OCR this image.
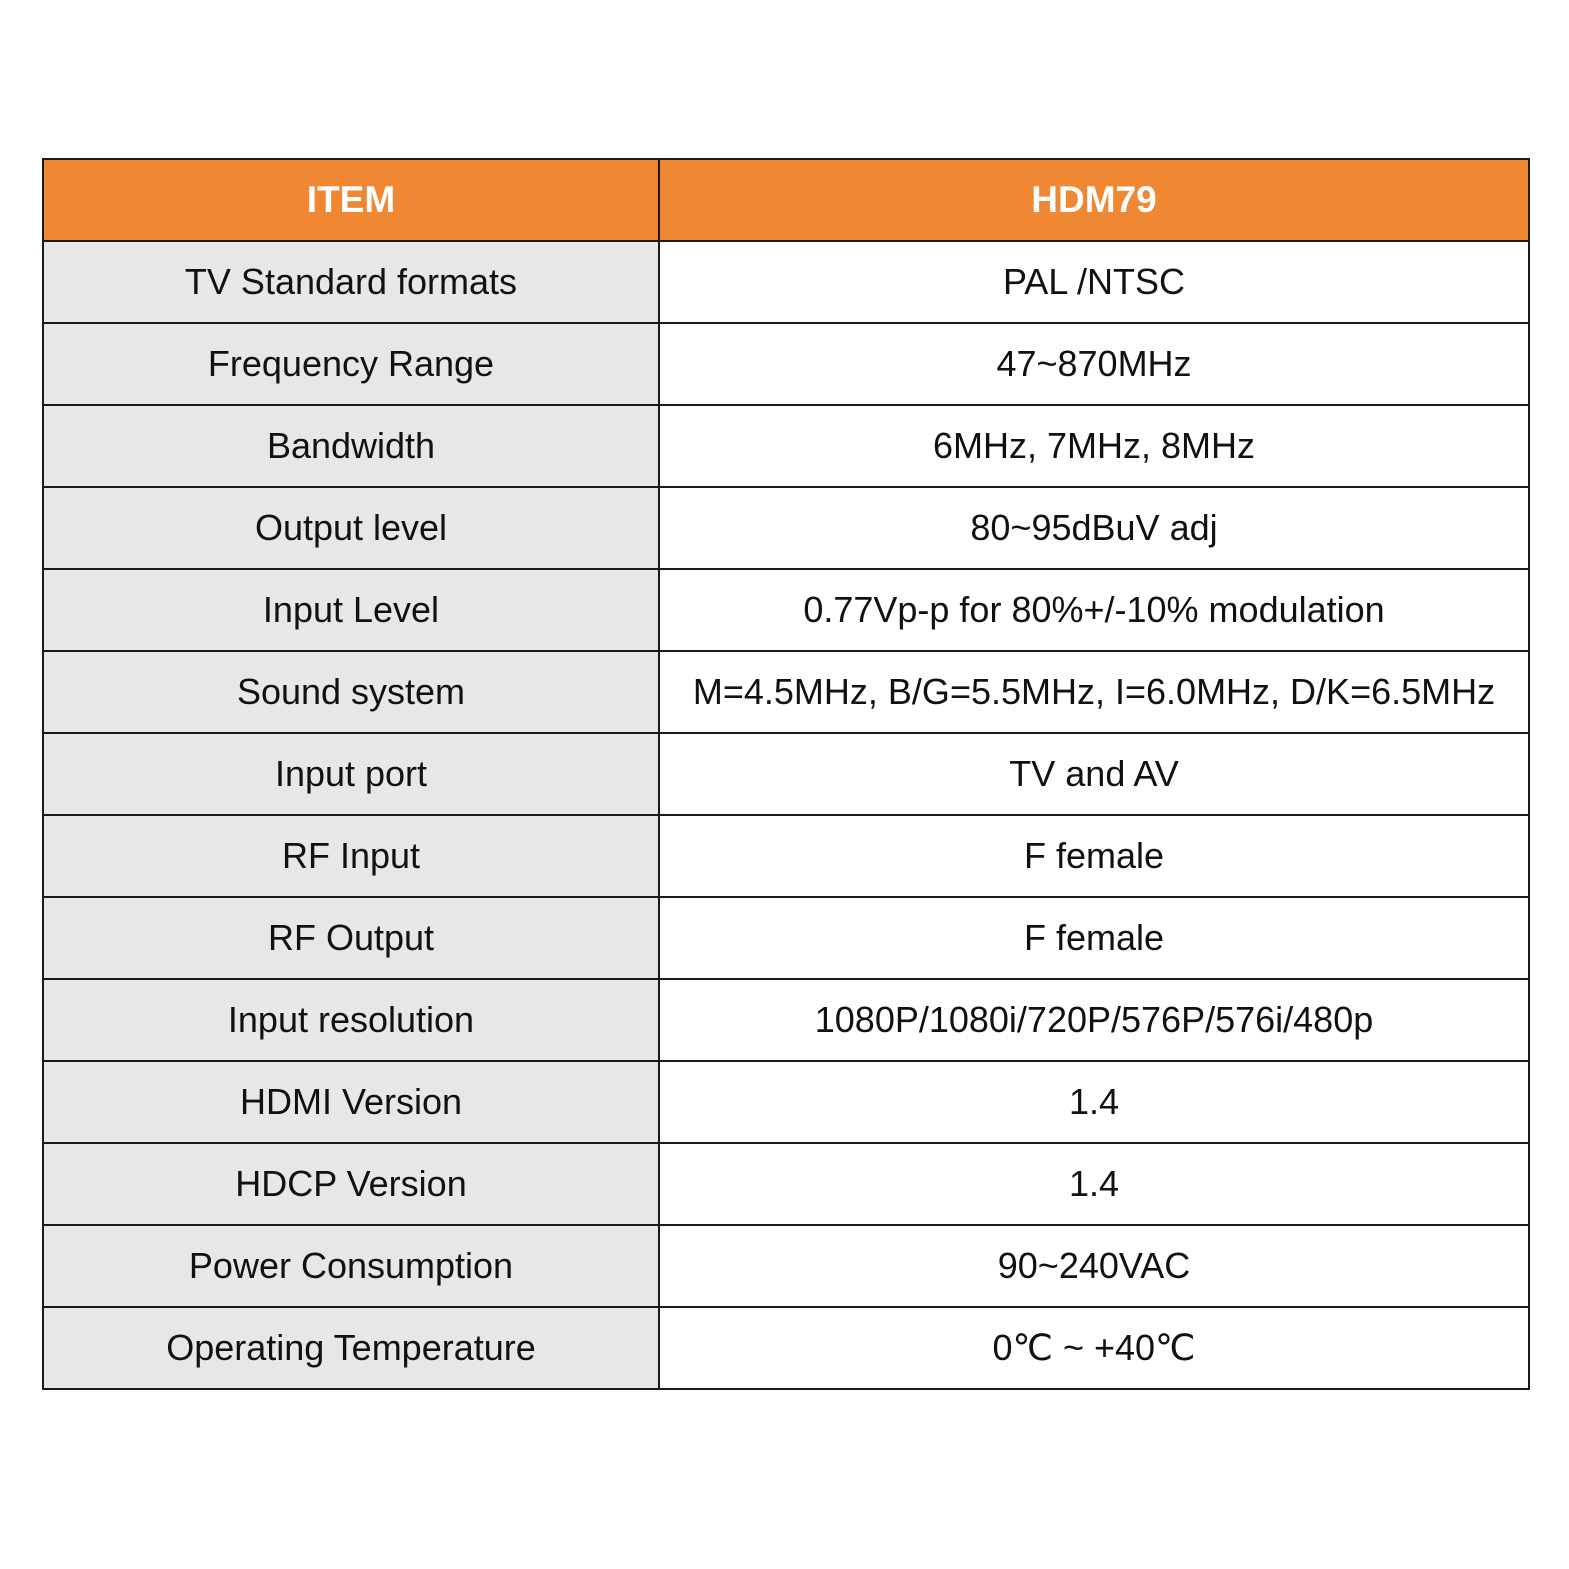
ITEM	HDM79
TV Standard formats	PAL /NTSC
Frequency Range	47~870MHz
Bandwidth	6MHz, 7MHz, 8MHz
Output level	80~95dBuV adj
Input Level	0.77Vp-p for 80%+/-10% modulation
Sound system	M=4.5MHz, B/G=5.5MHz, I=6.0MHz, D/K=6.5MHz
Input port	TV and AV
RF Input	F female
RF Output	F female
Input resolution	1080P/1080i/720P/576P/576i/480p
HDMI Version	1.4
HDCP Version	1.4
Power Consumption	90~240VAC
Operating Temperature	0℃ ~ +40℃
